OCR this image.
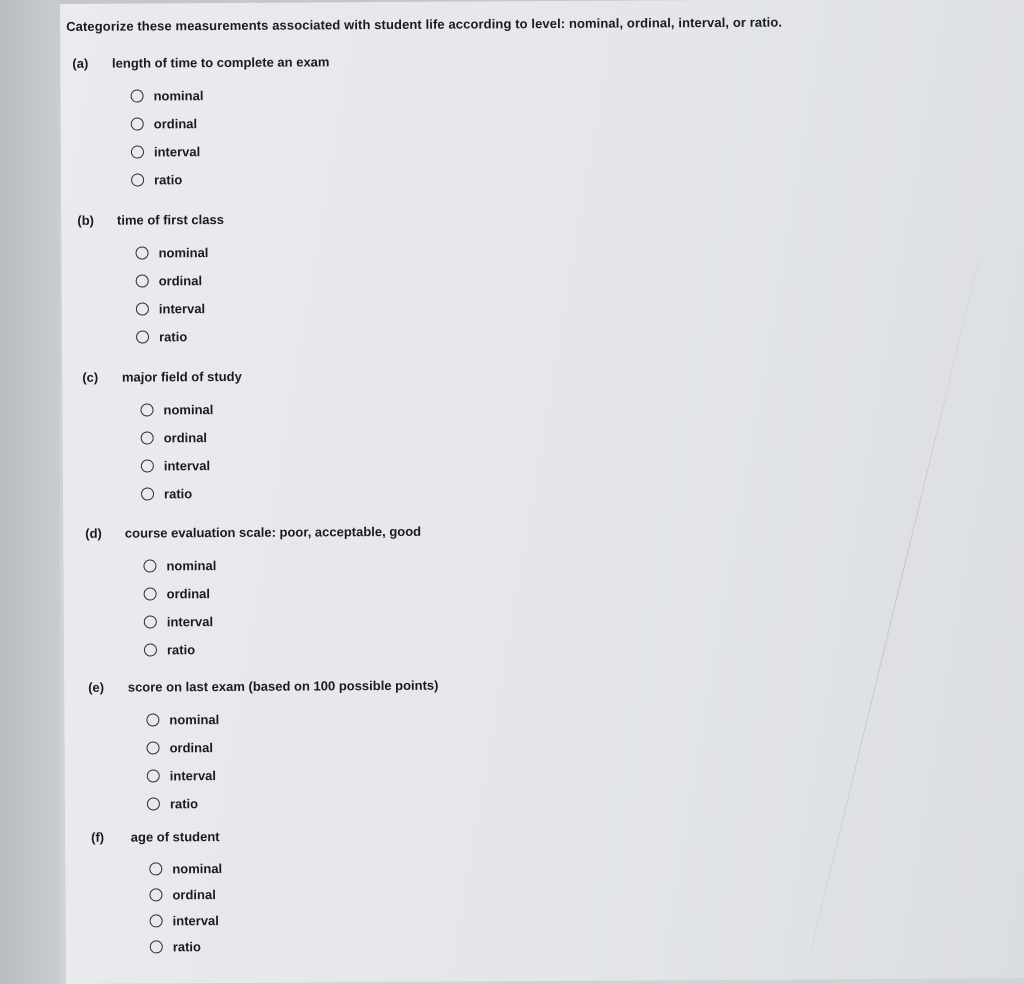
Categorize these measurements associated with student life according to level: nominal, ordinal, interval, or ratio.
(a) length of time to complete an exam
nominal
ordinal
interval
ratio
(b) time of first class
nominal
ordinal
interval
ratio
(c) major field of study
nominal
ordinal
interval
ratio
(d) course evaluation scale: poor, acceptable, good
nominal
ordinal
interval
ratio
(e) score on last exam (based on 100 possible points)
nominal
ordinal
interval
ratio
(f) age of student
nominal
ordinal
interval
ratio
